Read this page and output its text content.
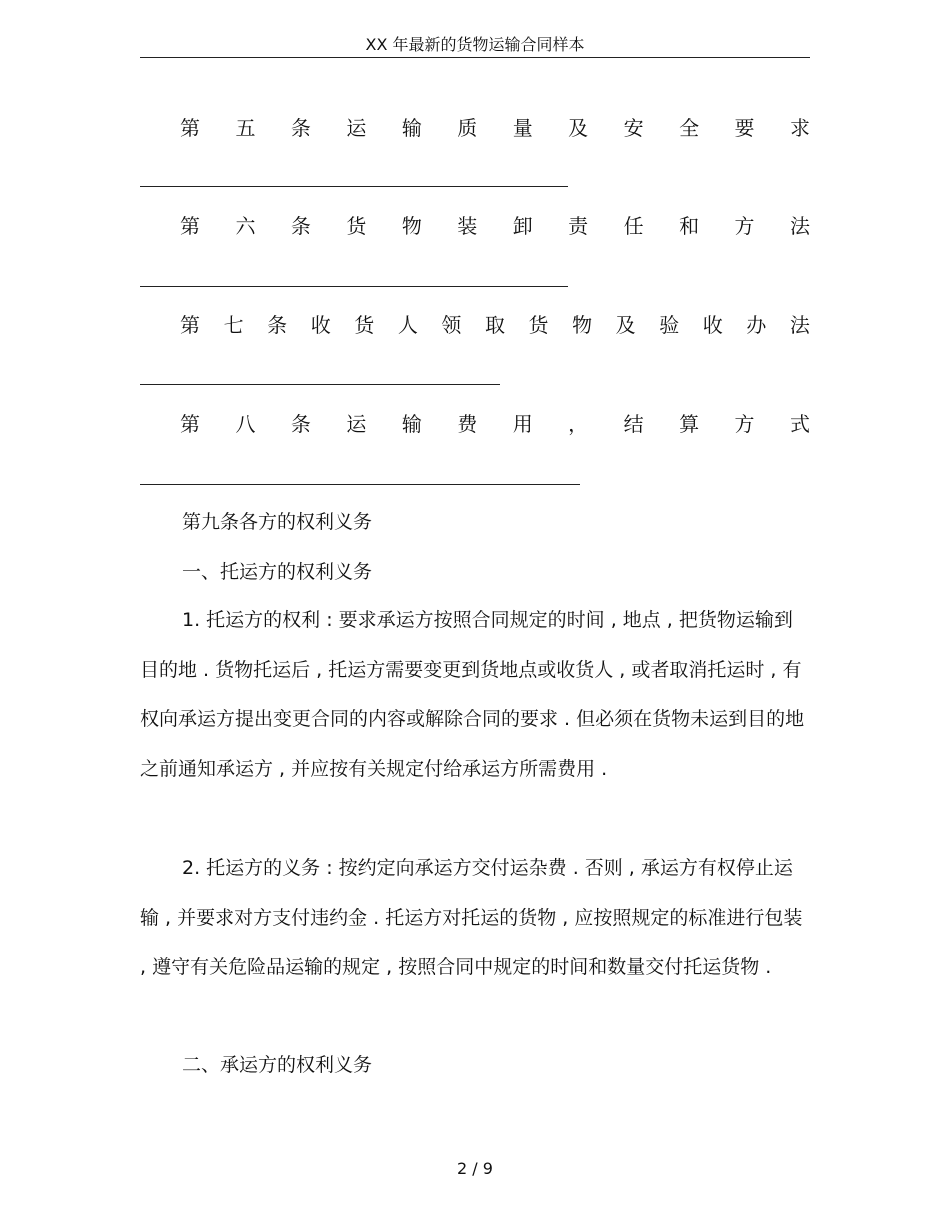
XX 年最新的货物运输合同样本
第 五 条 运 输 质 量 及 安 全 要 求
第 六 条 货 物 装 卸 责 任 和 方 法
第 七 条 收 货 人 领 取 货 物 及 验 收 办 法
第 八 条 运 输 费 用 ， 结 算 方 式
第九条各方的权利义务
一、托运方的权利义务

1. 托运方的权利 : 要求承运方按照合同规定的时间 , 地点 , 把货物运输到目的地 . 货物托运后 , 托运方需要变更到货地点或收货人 , 或者取消托运时 , 有权向承运方提出变更合同的内容或解除合同的要求 . 但必须在货物未运到目的地之前通知承运方 , 并应按有关规定付给承运方所需费用 .

2. 托运方的义务 : 按约定向承运方交付运杂费 . 否则 , 承运方有权停止运输 , 并要求对方支付违约金 . 托运方对托运的货物 , 应按照规定的标准进行包装 , 遵守有关危险品运输的规定 , 按照合同中规定的时间和数量交付托运货物 .

二、承运方的权利义务
2 / 9
